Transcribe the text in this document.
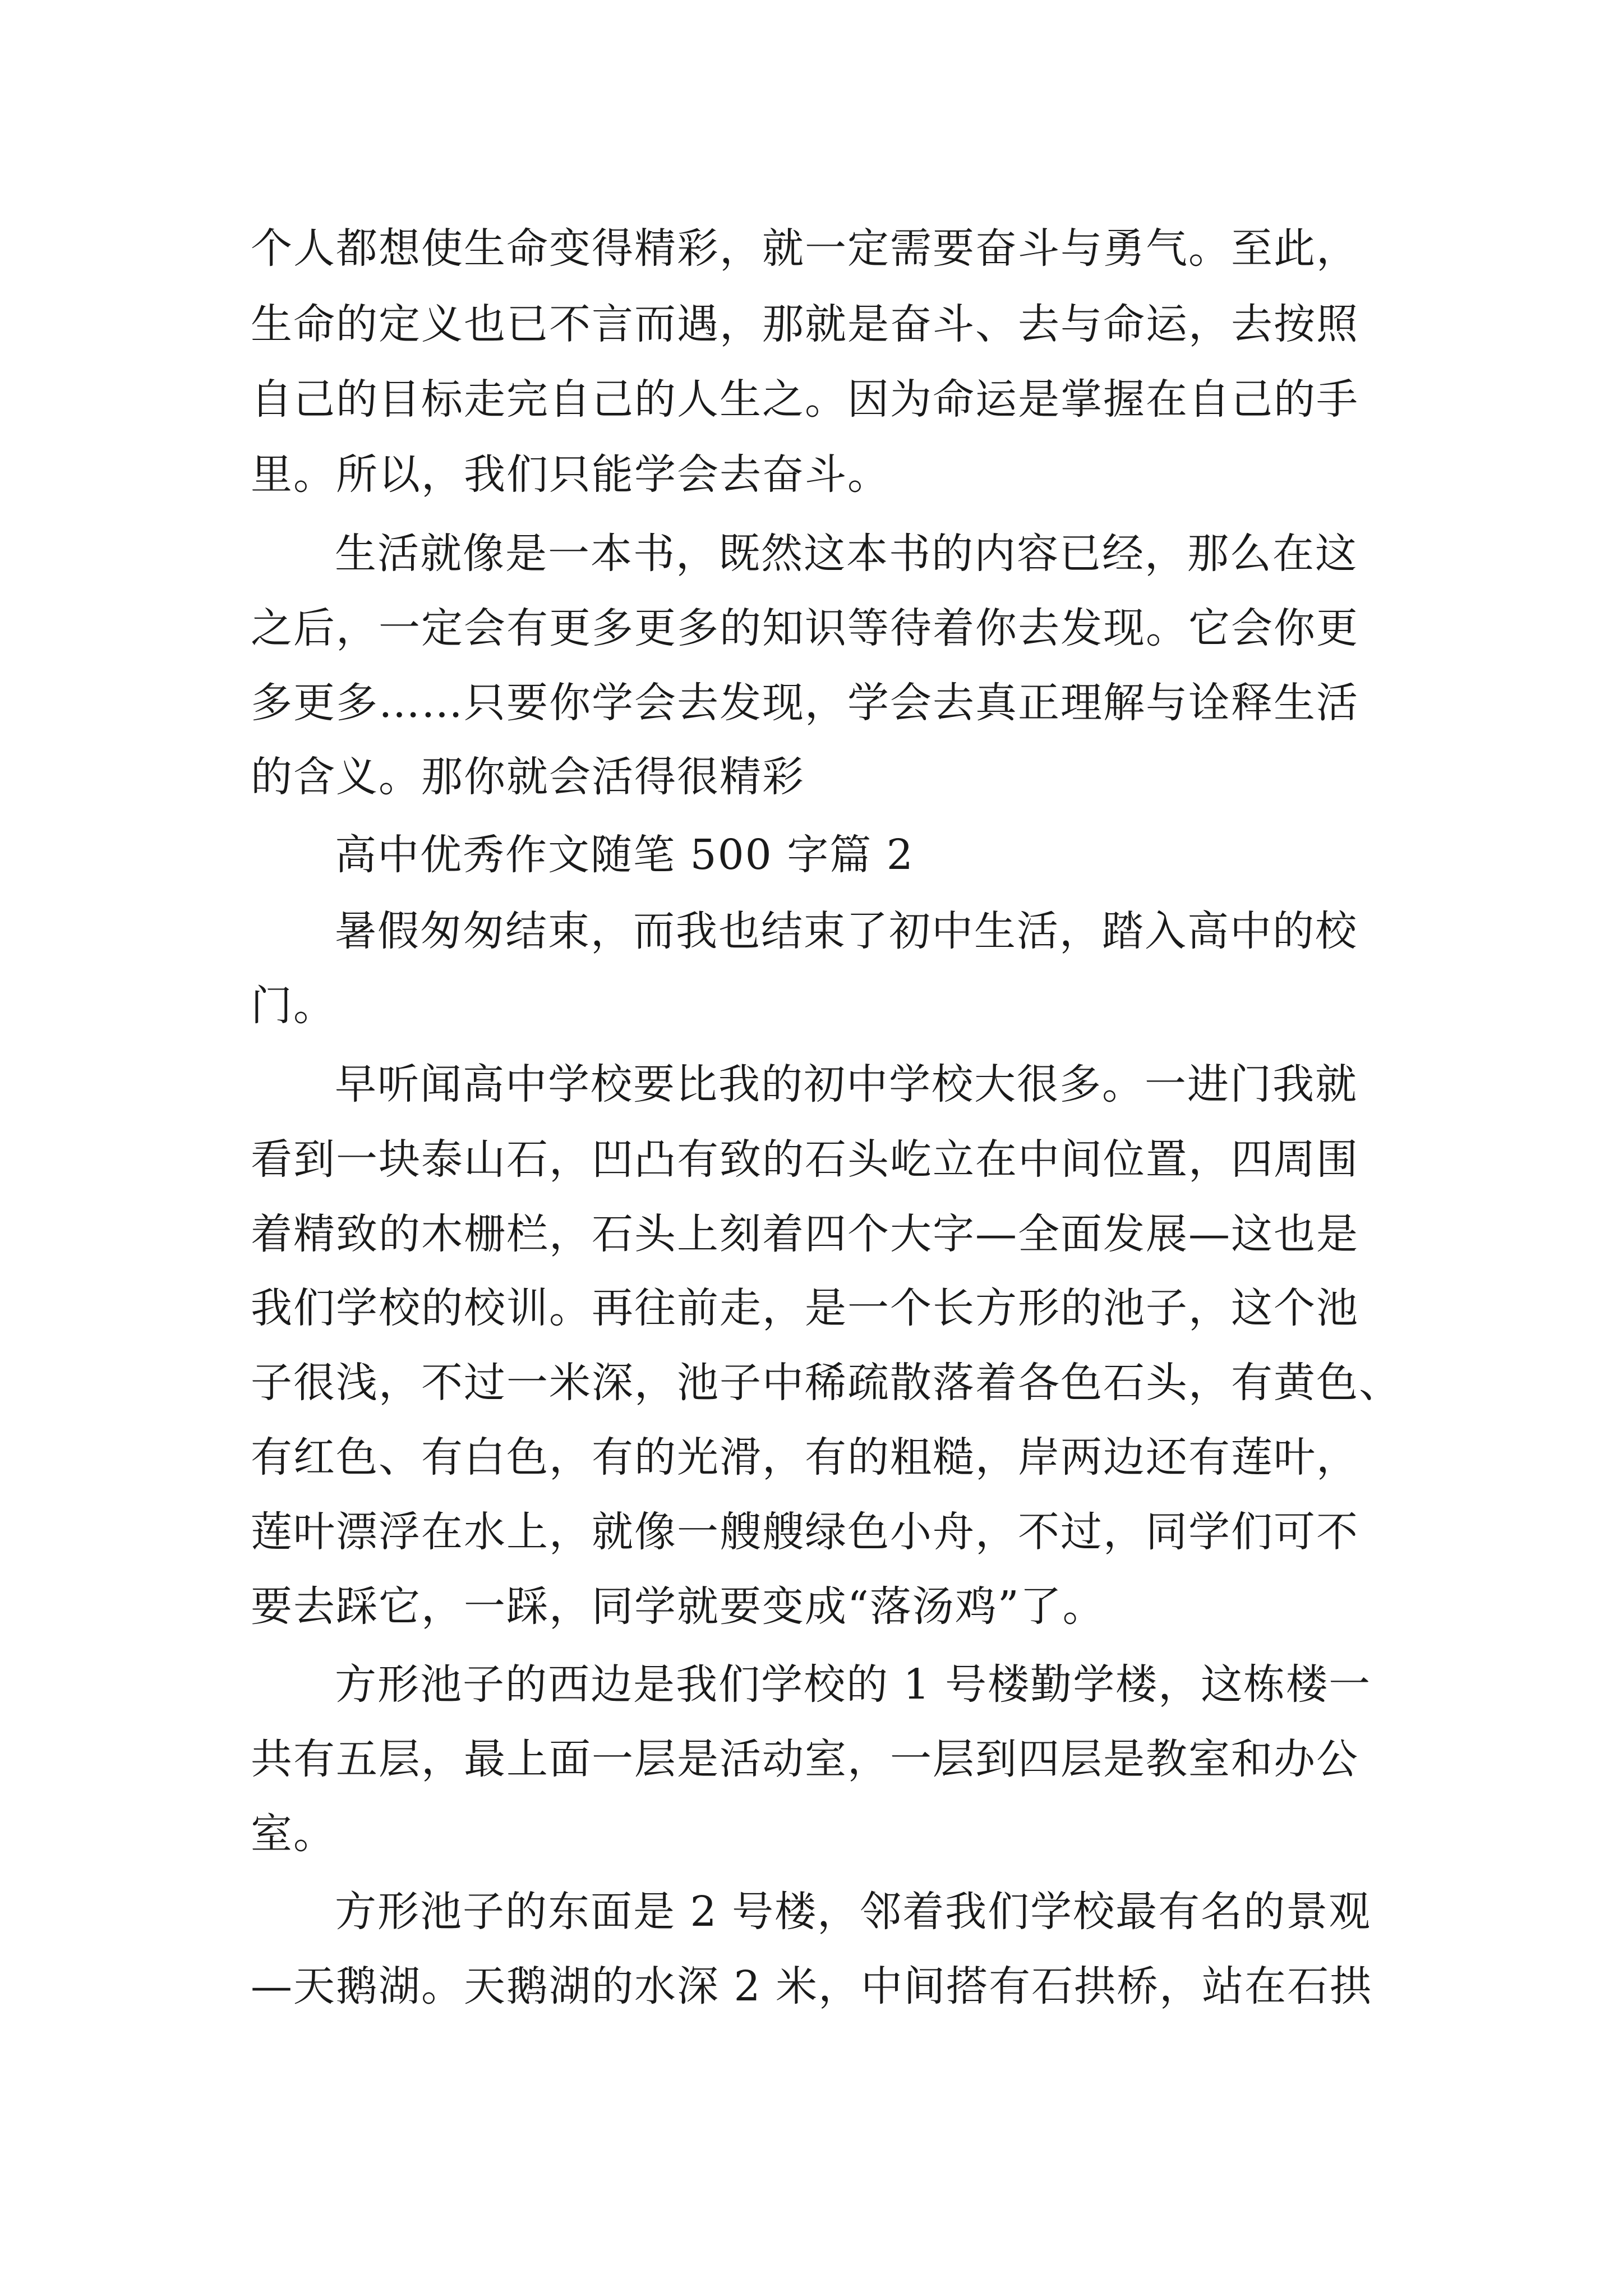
个人都想使生命变得精彩，就一定需要奋斗与勇气。至此，

生命的定义也已不言而遇，那就是奋斗、去与命运，去按照

自己的目标走完自己的人生之。因为命运是掌握在自己的手

里。所以，我们只能学会去奋斗。

生活就像是一本书，既然这本书的内容已经，那么在这

之后，一定会有更多更多的知识等待着你去发现。它会你更

多更多……只要你学会去发现，学会去真正理解与诠释生活

的含义。那你就会活得很精彩

高中优秀作文随笔 500 字篇 2

暑假匆匆结束，而我也结束了初中生活，踏入高中的校

门。

早听闻高中学校要比我的初中学校大很多。一进门我就

看到一块泰山石，凹凸有致的石头屹立在中间位置，四周围

着精致的木栅栏，石头上刻着四个大字—全面发展—这也是

我们学校的校训。再往前走，是一个长方形的池子，这个池

子很浅，不过一米深，池子中稀疏散落着各色石头，有黄色、

有红色、有白色，有的光滑，有的粗糙，岸两边还有莲叶，

莲叶漂浮在水上，就像一艘艘绿色小舟，不过，同学们可不

要去踩它，一踩，同学就要变成“落汤鸡”了。

方形池子的西边是我们学校的 1 号楼勤学楼，这栋楼一

共有五层，最上面一层是活动室，一层到四层是教室和办公

室。

方形池子的东面是 2 号楼，邻着我们学校最有名的景观

—天鹅湖。天鹅湖的水深 2 米，中间搭有石拱桥，站在石拱
